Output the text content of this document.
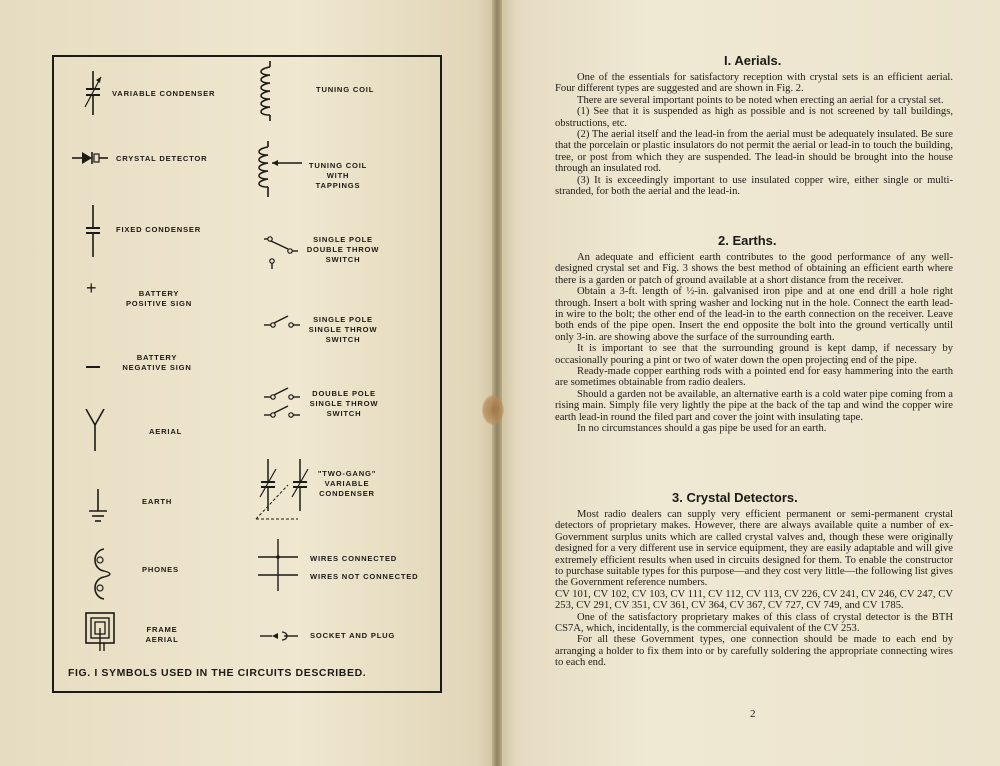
VARIABLE CONDENSER
CRYSTAL DETECTOR
FIXED CONDENSER
+	BATTERY POSITIVE SIGN
BATTERY NEGATIVE SIGN
AERIAL
EARTH
PHONES
FRAME AERIAL
TUNING COIL
TUNING COIL WITH TAPPINGS
SINGLE POLE DOUBLE THROW SWITCH
SINGLE POLE SINGLE THROW SWITCH
DOUBLE POLE SINGLE THROW SWITCH
"TWO-GANG" VARIABLE CONDENSER
WIRES CONNECTED
WIRES NOT CONNECTED
SOCKET AND PLUG
FIG. I SYMBOLS USED IN THE CIRCUITS DESCRIBED.
I. Aerials.

One of the essentials for satisfactory reception with crystal sets is an efficient aerial. Four different types are suggested and are shown in Fig. 2.

There are several important points to be noted when erecting an aerial for a crystal set.

(1) See that it is suspended as high as possible and is not screened by tall buildings, obstructions, etc.

(2) The aerial itself and the lead-in from the aerial must be adequately insulated. Be sure that the porcelain or plastic insulators do not permit the aerial or lead-in to touch the building, tree, or post from which they are suspended. The lead-in should be brought into the house through an insulated rod.

(3) It is exceedingly important to use insulated copper wire, either single or multi-stranded, for both the aerial and the lead-in.

2. Earths.

An adequate and efficient earth contributes to the good performance of any well-designed crystal set and Fig. 3 shows the best method of obtaining an efficient earth where there is a garden or patch of ground available at a short distance from the receiver.

Obtain a 3-ft. length of ½-in. galvanised iron pipe and at one end drill a hole right through. Insert a bolt with spring washer and locking nut in the hole. Connect the earth lead-in wire to the bolt; the other end of the lead-in to the earth connection on the receiver. Leave both ends of the pipe open. Insert the end opposite the bolt into the ground vertically until only 3-in. are showing above the surface of the surrounding earth.

It is important to see that the surrounding ground is kept damp, if necessary by occasionally pouring a pint or two of water down the open projecting end of the pipe.

Ready-made copper earthing rods with a pointed end for easy hammering into the earth are sometimes obtainable from radio dealers.

Should a garden not be available, an alternative earth is a cold water pipe coming from a rising main. Simply file very lightly the pipe at the back of the tap and wind the copper wire earth lead-in round the filed part and cover the joint with insulating tape.

In no circumstances should a gas pipe be used for an earth.

3. Crystal Detectors.

Most radio dealers can supply very efficient permanent or semi-permanent crystal detectors of proprietary makes. However, there are always available quite a number of ex-Government surplus units which are called crystal valves and, though these were originally designed for a very different use in service equipment, they are easily adaptable and will give extremely efficient results when used in circuits designed for them. To enable the constructor to purchase suitable types for this purpose—and they cost very little—the following list gives the Government reference numbers.

CV 101, CV 102, CV 103, CV 111, CV 112, CV 113, CV 226, CV 241, CV 246, CV 247, CV 253, CV 291, CV 351, CV 361, CV 364, CV 367, CV 727, CV 749, and CV 1785.

One of the satisfactory proprietary makes of this class of crystal detector is the BTH CS7A, which, incidentally, is the commercial equivalent of the CV 253.

For all these Government types, one connection should be made to each end by arranging a holder to fix them into or by carefully soldering the appropriate connecting wires to each end.

2
